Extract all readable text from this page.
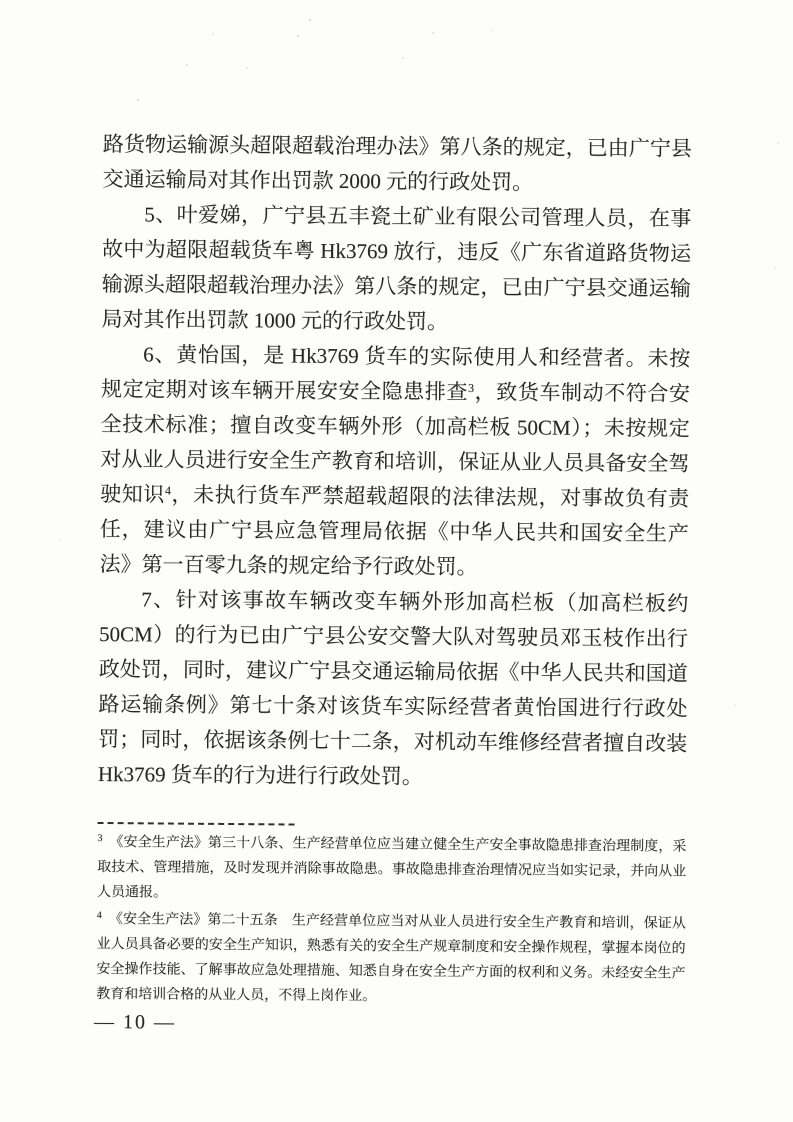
路货物运输源头超限超载治理办法》第八条的规定，已由广宁县交通运输局对其作出罚款 2000 元的行政处罚。

5、叶爱娣，广宁县五丰瓷土矿业有限公司管理人员，在事故中为超限超载货车粤 Hk3769 放行，违反《广东省道路货物运输源头超限超载治理办法》第八条的规定，已由广宁县交通运输局对其作出罚款 1000 元的行政处罚。

6、黄怡国，是 Hk3769 货车的实际使用人和经营者。未按规定定期对该车辆开展安安全隐患排查$^3$，致货车制动不符合安全技术标准；擅自改变车辆外形（加高栏板 50CM）；未按规定对从业人员进行安全生产教育和培训，保证从业人员具备安全驾驶知识$^4$，未执行货车严禁超载超限的法律法规，对事故负有责任，建议由广宁县应急管理局依据《中华人民共和国安全生产法》第一百零九条的规定给予行政处罚。

7、针对该事故车辆改变车辆外形加高栏板（加高栏板约 50CM）的行为已由广宁县公安交警大队对驾驶员邓玉枝作出行政处罚，同时，建议广宁县交通运输局依据《中华人民共和国道路运输条例》第七十条对该货车实际经营者黄怡国进行行政处罚；同时，依据该条例七十二条，对机动车维修经营者擅自改装 Hk3769 货车的行为进行行政处罚。

$^3$ 《安全生产法》第三十八条、生产经营单位应当建立健全生产安全事故隐患排查治理制度，采取技术、管理措施，及时发现并消除事故隐患。事故隐患排查治理情况应当如实记录，并向从业人员通报。

$^4$ 《安全生产法》第二十五条　生产经营单位应当对从业人员进行安全生产教育和培训，保证从业人员具备必要的安全生产知识，熟悉有关的安全生产规章制度和安全操作规程，掌握本岗位的安全操作技能、了解事故应急处理措施、知悉自身在安全生产方面的权利和义务。未经安全生产教育和培训合格的从业人员，不得上岗作业。

— 10 —
